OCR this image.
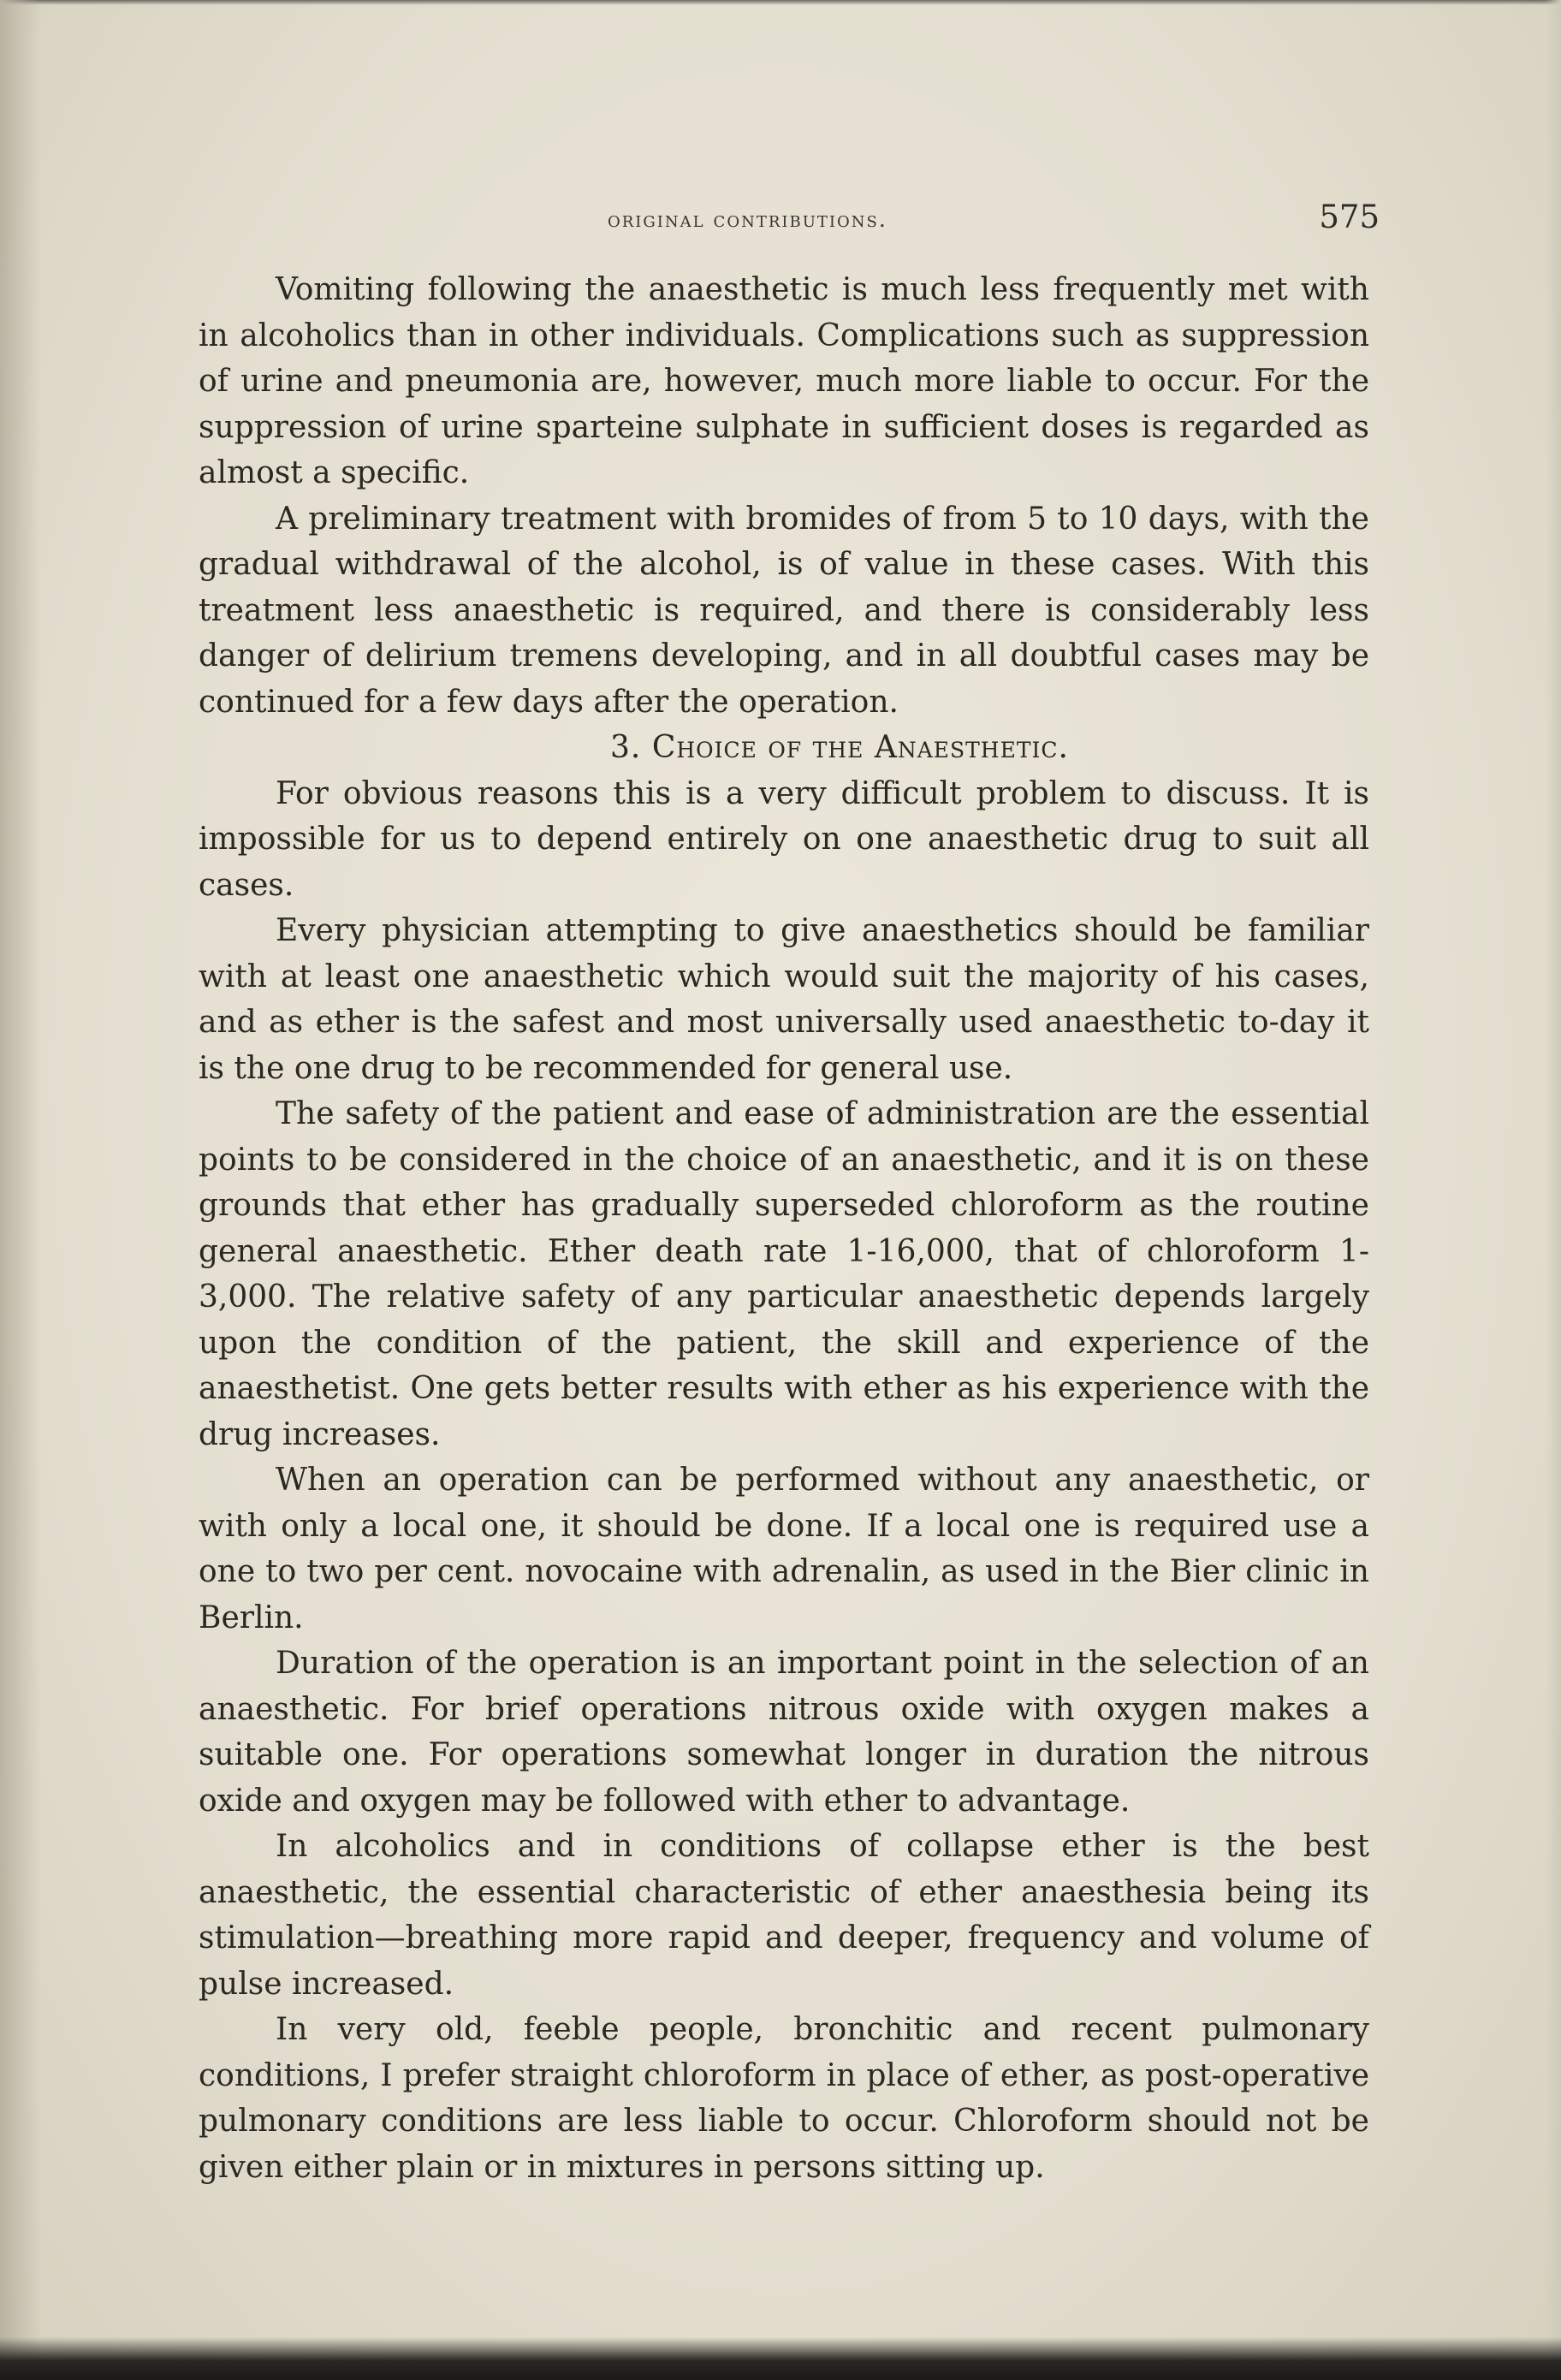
original contributions.	575

Vomiting following the anaesthetic is much less frequently met with in alcoholics than in other individuals. Complications such as suppression of urine and pneumonia are, however, much more liable to occur. For the suppression of urine sparteine sulphate in sufficient doses is regarded as almost a specific.

A preliminary treatment with bromides of from 5 to 10 days, with the gradual withdrawal of the alcohol, is of value in these cases. With this treatment less anaesthetic is required, and there is considerably less danger of delirium tremens developing, and in all doubtful cases may be continued for a few days after the operation.

3. Choice of the Anaesthetic.

For obvious reasons this is a very difficult problem to discuss. It is impossible for us to depend entirely on one anaesthetic drug to suit all cases.

Every physician attempting to give anaesthetics should be familiar with at least one anaesthetic which would suit the majority of his cases, and as ether is the safest and most universally used anaesthetic to-day it is the one drug to be recommended for general use.

The safety of the patient and ease of administration are the essential points to be considered in the choice of an anaesthetic, and it is on these grounds that ether has gradually superseded chloroform as the routine general anaesthetic. Ether death rate 1-16,000, that of chloroform 1-3,000. The relative safety of any particular anaesthetic depends largely upon the condition of the patient, the skill and experience of the anaesthetist. One gets better results with ether as his experience with the drug increases.

When an operation can be performed without any anaesthetic, or with only a local one, it should be done. If a local one is required use a one to two per cent. novocaine with adrenalin, as used in the Bier clinic in Berlin.

Duration of the operation is an important point in the selection of an anaesthetic. For brief operations nitrous oxide with oxygen makes a suitable one. For operations somewhat longer in duration the nitrous oxide and oxygen may be followed with ether to advantage.

In alcoholics and in conditions of collapse ether is the best anaesthetic, the essential characteristic of ether anaesthesia being its stimulation—breathing more rapid and deeper, frequency and volume of pulse increased.

In very old, feeble people, bronchitic and recent pulmonary conditions, I prefer straight chloroform in place of ether, as post-operative pulmonary conditions are less liable to occur. Chloroform should not be given either plain or in mixtures in persons sitting up.
